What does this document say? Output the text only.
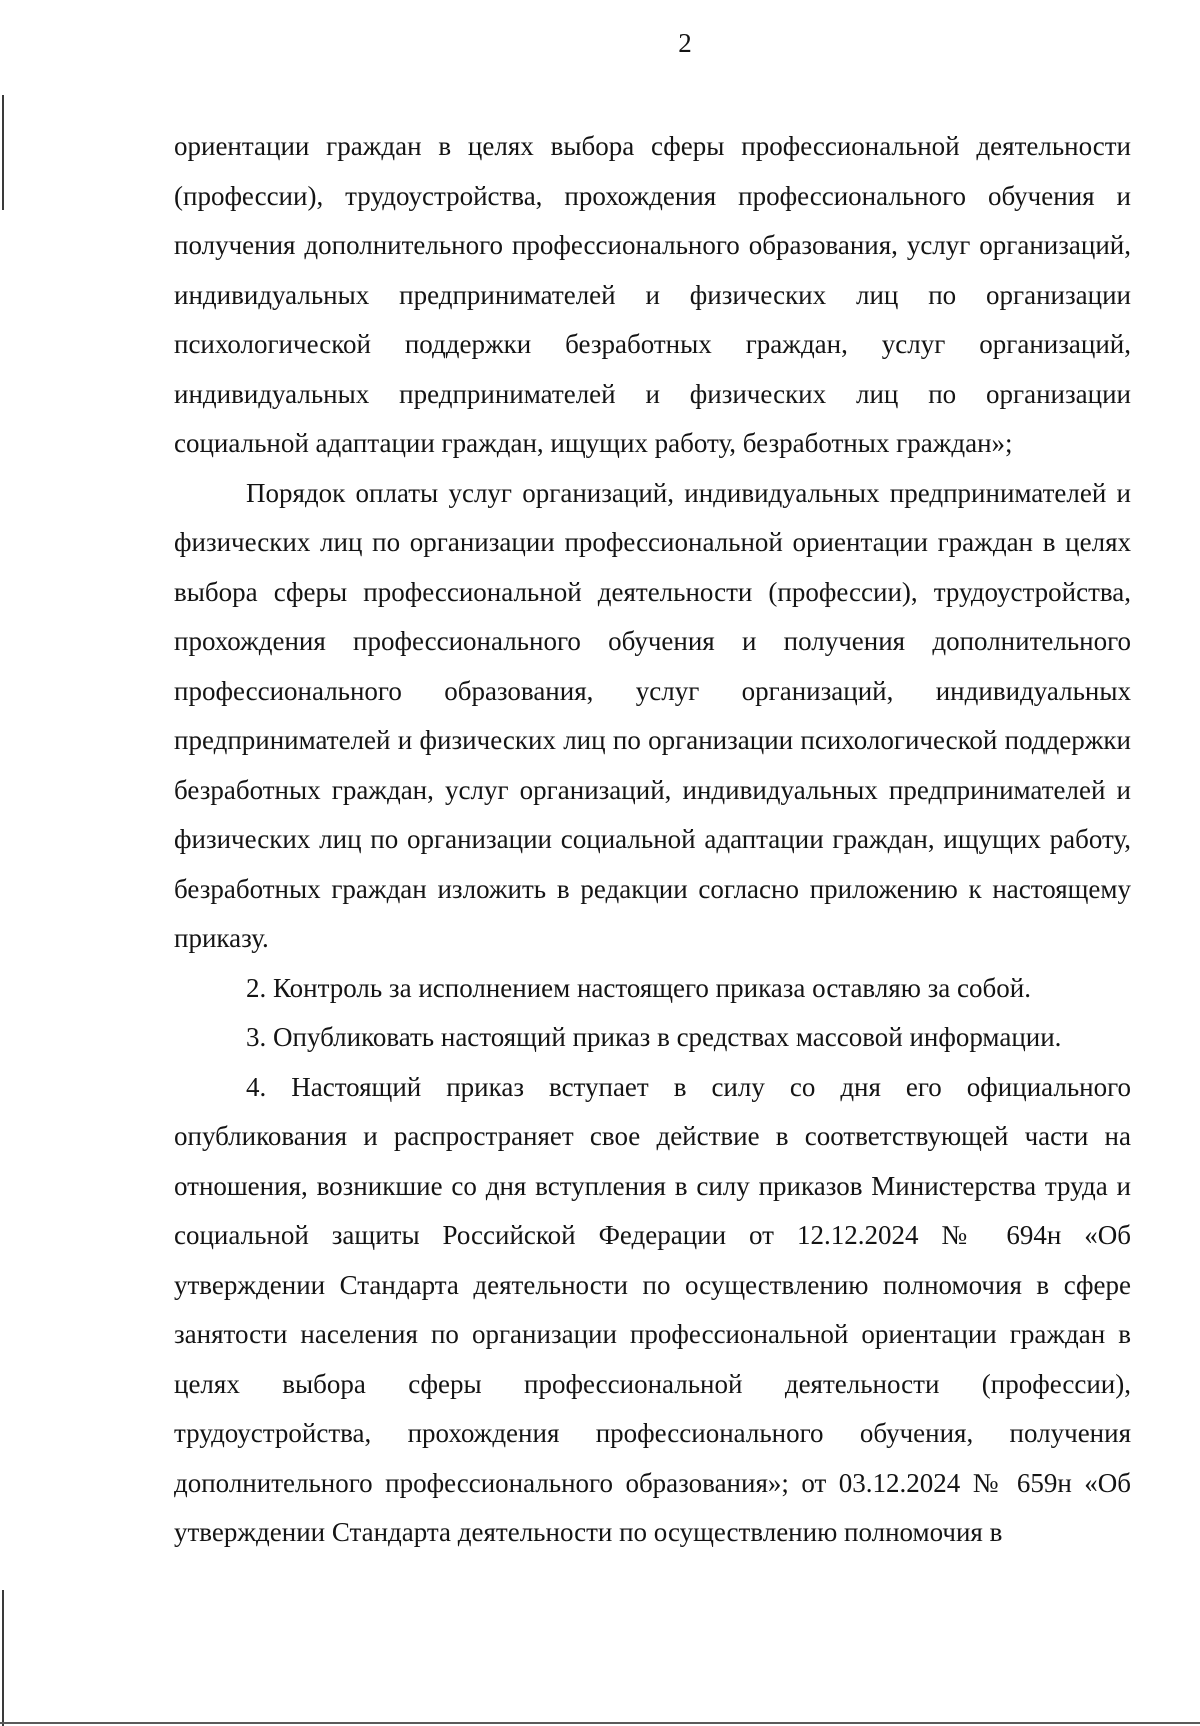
2

ориентации граждан в целях выбора сферы профессиональной деятельности (профессии), трудоустройства, прохождения профессионального обучения и получения дополнительного профессионального образования, услуг организаций, индивидуальных предпринимателей и физических лиц по организации психологической поддержки безработных граждан, услуг организаций, индивидуальных предпринимателей и физических лиц по организации социальной адаптации граждан, ищущих работу, безработных граждан»;

Порядок оплаты услуг организаций, индивидуальных предпринимателей и физических лиц по организации профессиональной ориентации граждан в целях выбора сферы профессиональной деятельности (профессии), трудоустройства, прохождения профессионального обучения и получения дополнительного профессионального образования, услуг организаций, индивидуальных предпринимателей и физических лиц по организации психологической поддержки безработных граждан, услуг организаций, индивидуальных предпринимателей и физических лиц по организации социальной адаптации граждан, ищущих работу, безработных граждан изложить в редакции согласно приложению к настоящему приказу.

2. Контроль за исполнением настоящего приказа оставляю за собой.

3. Опубликовать настоящий приказ в средствах массовой информации.

4. Настоящий приказ вступает в силу со дня его официального опубликования и распространяет свое действие в соответствующей части на отношения, возникшие со дня вступления в силу приказов Министерства труда и социальной защиты Российской Федерации от 12.12.2024 № 694н «Об утверждении Стандарта деятельности по осуществлению полномочия в сфере занятости населения по организации профессиональной ориентации граждан в целях выбора сферы профессиональной деятельности (профессии), трудоустройства, прохождения профессионального обучения, получения дополнительного профессионального образования»; от 03.12.2024 № 659н «Об утверждении Стандарта деятельности по осуществлению полномочия в
